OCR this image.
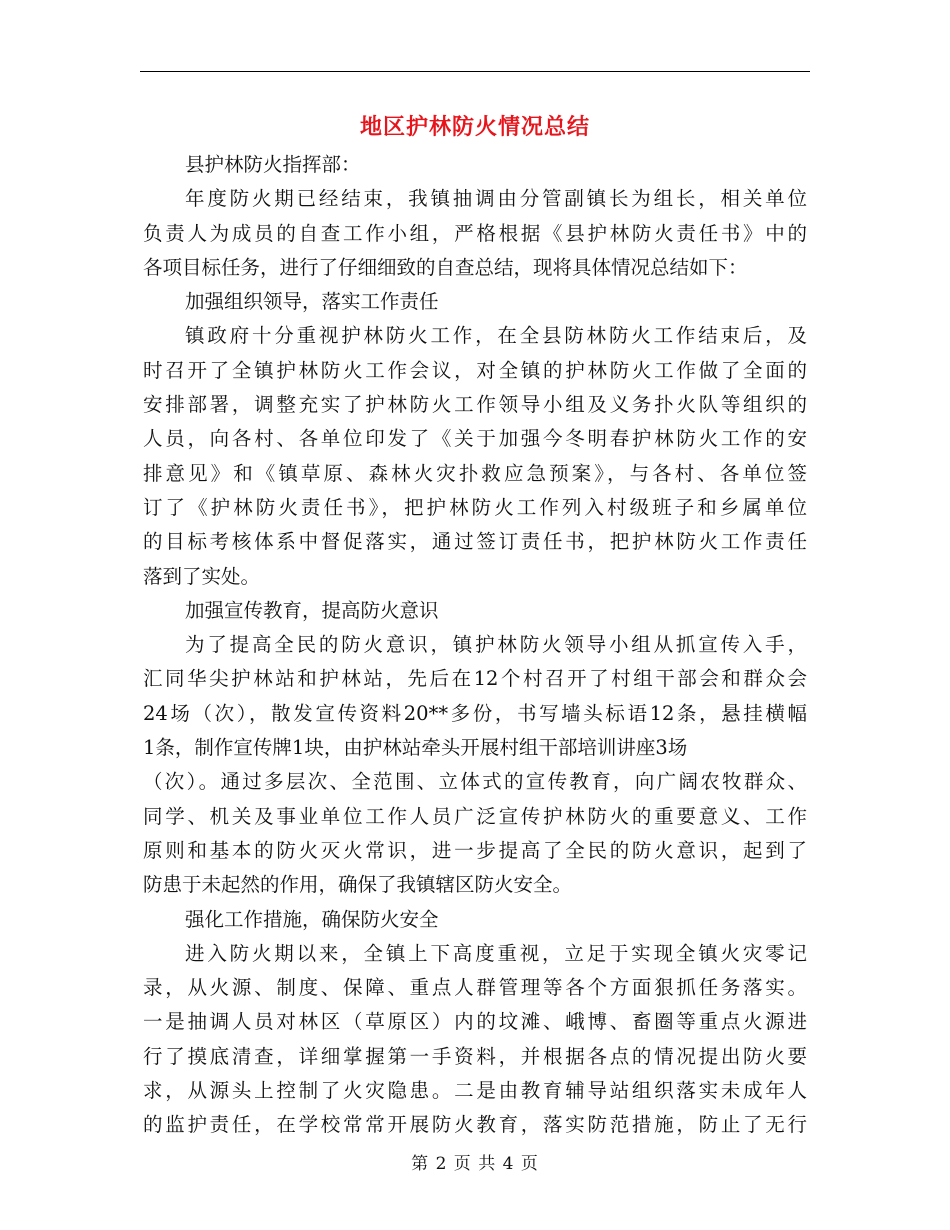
地区护林防火情况总结
县护林防火指挥部：
年度防火期已经结束，我镇抽调由分管副镇长为组长，相关单位
负责人为成员的自查工作小组，严格根据《县护林防火责任书》中的
各项目标任务，进行了仔细细致的自查总结，现将具体情况总结如下：
加强组织领导，落实工作责任
镇政府十分重视护林防火工作，在全县防林防火工作结束后，及
时召开了全镇护林防火工作会议，对全镇的护林防火工作做了全面的
安排部署，调整充实了护林防火工作领导小组及义务扑火队等组织的
人员，向各村、各单位印发了《关于加强今冬明春护林防火工作的安
排意见》和《镇草原、森林火灾扑救应急预案》，与各村、各单位签
订了《护林防火责任书》，把护林防火工作列入村级班子和乡属单位
的目标考核体系中督促落实，通过签订责任书，把护林防火工作责任
落到了实处。
加强宣传教育，提高防火意识
为了提高全民的防火意识，镇护林防火领导小组从抓宣传入手，
汇同华尖护林站和护林站，先后在12个村召开了村组干部会和群众会
24场（次），散发宣传资料20**多份，书写墙头标语12条，悬挂横幅
1条，制作宣传牌1块，由护林站牵头开展村组干部培训讲座3场
（次）。通过多层次、全范围、立体式的宣传教育，向广阔农牧群众、
同学、机关及事业单位工作人员广泛宣传护林防火的重要意义、工作
原则和基本的防火灭火常识，进一步提高了全民的防火意识，起到了
防患于未起然的作用，确保了我镇辖区防火安全。
强化工作措施，确保防火安全
进入防火期以来，全镇上下高度重视，立足于实现全镇火灾零记
录，从火源、制度、保障、重点人群管理等各个方面狠抓任务落实。
一是抽调人员对林区（草原区）内的坟滩、峨博、畜圈等重点火源进
行了摸底清查，详细掌握第一手资料，并根据各点的情况提出防火要
求，从源头上控制了火灾隐患。二是由教育辅导站组织落实未成年人
的监护责任，在学校常常开展防火教育，落实防范措施，防止了无行
第 2 页 共 4 页
